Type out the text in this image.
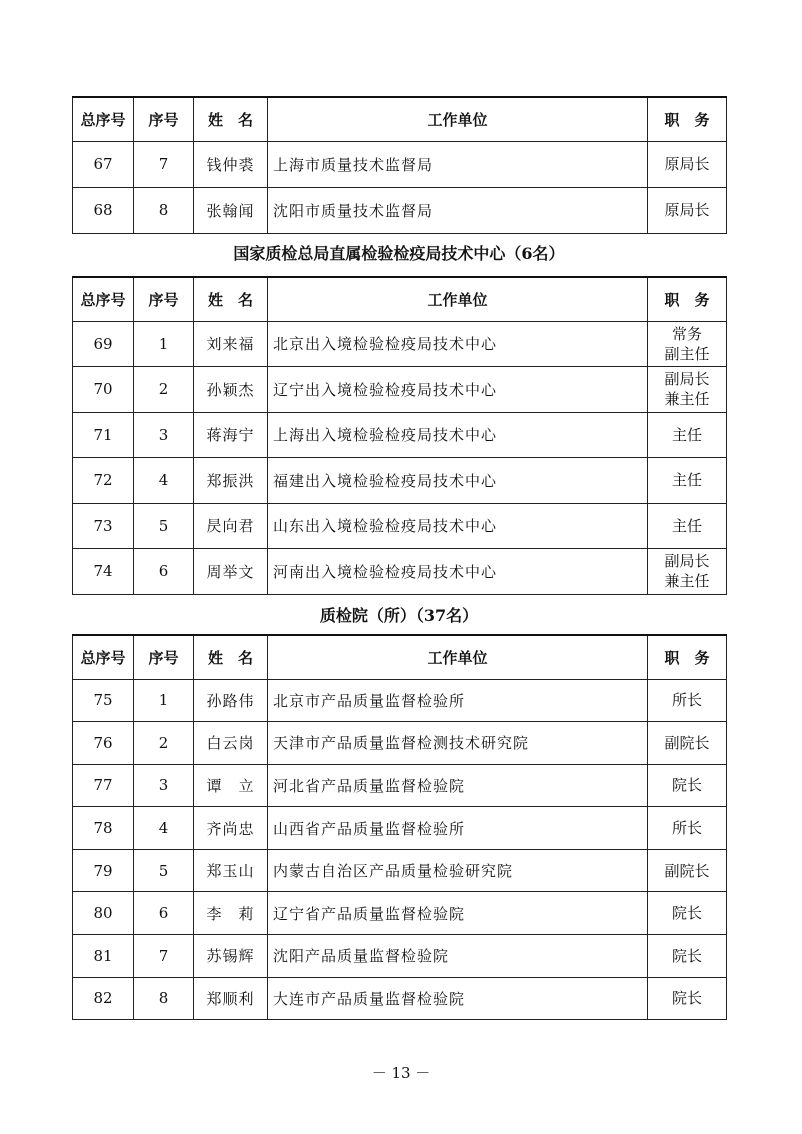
总序号	序号	姓　名	工作单位	职　务
67	7	钱仲裘	上海市质量技术监督局	原局长

68	8	张翰闻	沈阳市质量技术监督局	原局长
国家质检总局直属检验检疫局技术中心（6名）
总序号	序号	姓　名	工作单位	职　务
69	1	刘来福	北京出入境检验检疫局技术中心	常务
副主任

70	2	孙颖杰	辽宁出入境检验检疫局技术中心	副局长
兼主任

71	3	蒋海宁	上海出入境检验检疫局技术中心	主任

72	4	郑振洪	福建出入境检验检疫局技术中心	主任

73	5	昃向君	山东出入境检验检疫局技术中心	主任

74	6	周举文	河南出入境检验检疫局技术中心	副局长
兼主任
质检院（所）（37名）
总序号	序号	姓　名	工作单位	职　务
75	1	孙路伟	北京市产品质量监督检验所	所长

76	2	白云岗	天津市产品质量监督检测技术研究院	副院长

77	3	谭　立	河北省产品质量监督检验院	院长

78	4	齐尚忠	山西省产品质量监督检验所	所长

79	5	郑玉山	内蒙古自治区产品质量检验研究院	副院长

80	6	李　莉	辽宁省产品质量监督检验院	院长

81	7	苏锡辉	沈阳产品质量监督检验院	院长

82	8	郑顺利	大连市产品质量监督检验院	院长
－ 13 －
